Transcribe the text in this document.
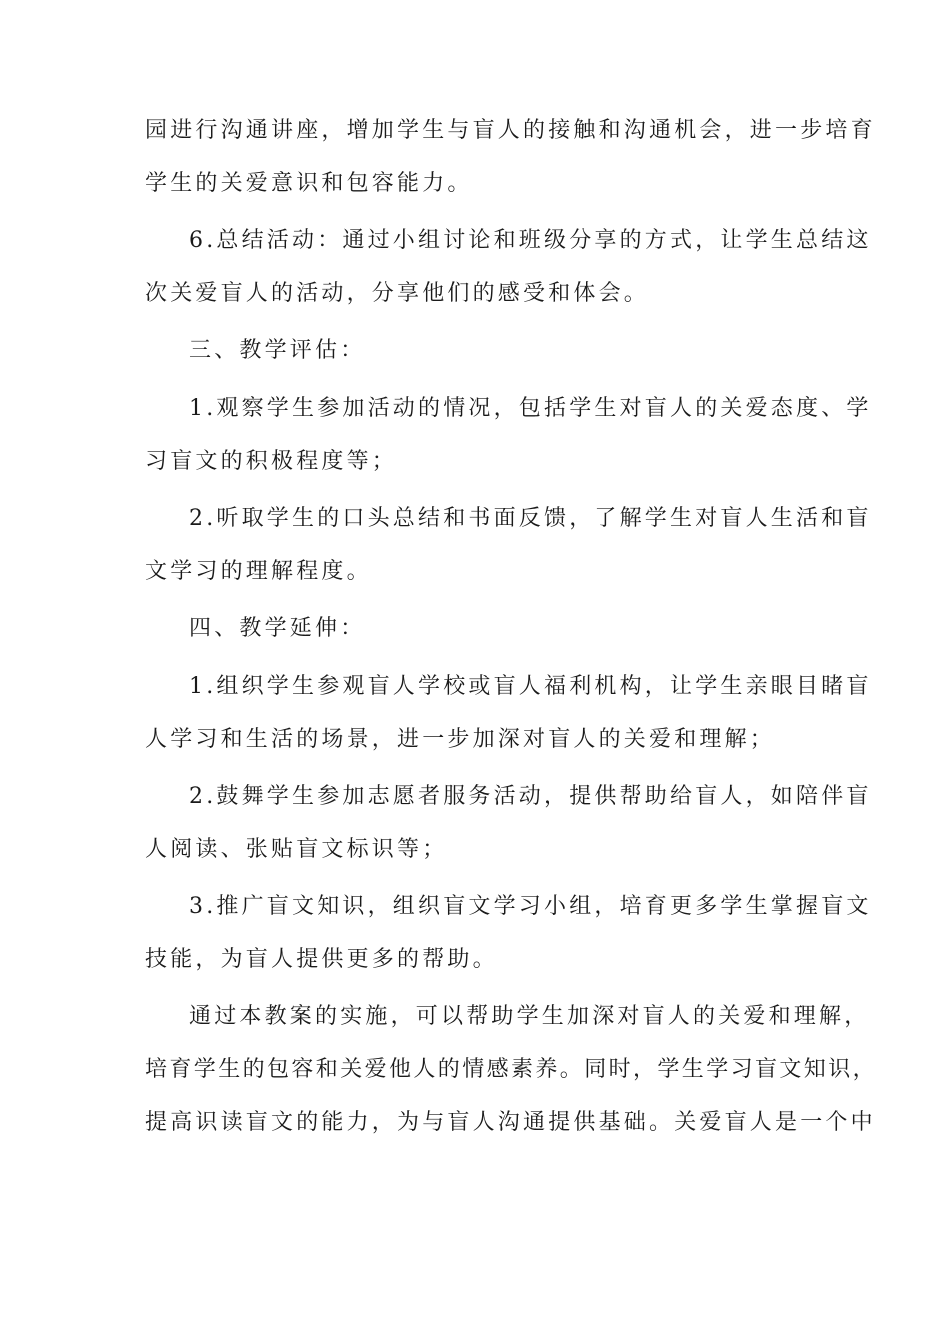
园进行沟通讲座，增加学生与盲人的接触和沟通机会，进一步培育
学生的关爱意识和包容能力。
6.总结活动：通过小组讨论和班级分享的方式，让学生总结这
次关爱盲人的活动，分享他们的感受和体会。
三、教学评估：
1.观察学生参加活动的情况，包括学生对盲人的关爱态度、学
习盲文的积极程度等；
2.听取学生的口头总结和书面反馈，了解学生对盲人生活和盲
文学习的理解程度。
四、教学延伸：
1.组织学生参观盲人学校或盲人福利机构，让学生亲眼目睹盲
人学习和生活的场景，进一步加深对盲人的关爱和理解；
2.鼓舞学生参加志愿者服务活动，提供帮助给盲人，如陪伴盲
人阅读、张贴盲文标识等；
3.推广盲文知识，组织盲文学习小组，培育更多学生掌握盲文
技能，为盲人提供更多的帮助。
通过本教案的实施，可以帮助学生加深对盲人的关爱和理解，
培育学生的包容和关爱他人的情感素养。同时，学生学习盲文知识，
提高识读盲文的能力，为与盲人沟通提供基础。关爱盲人是一个中
